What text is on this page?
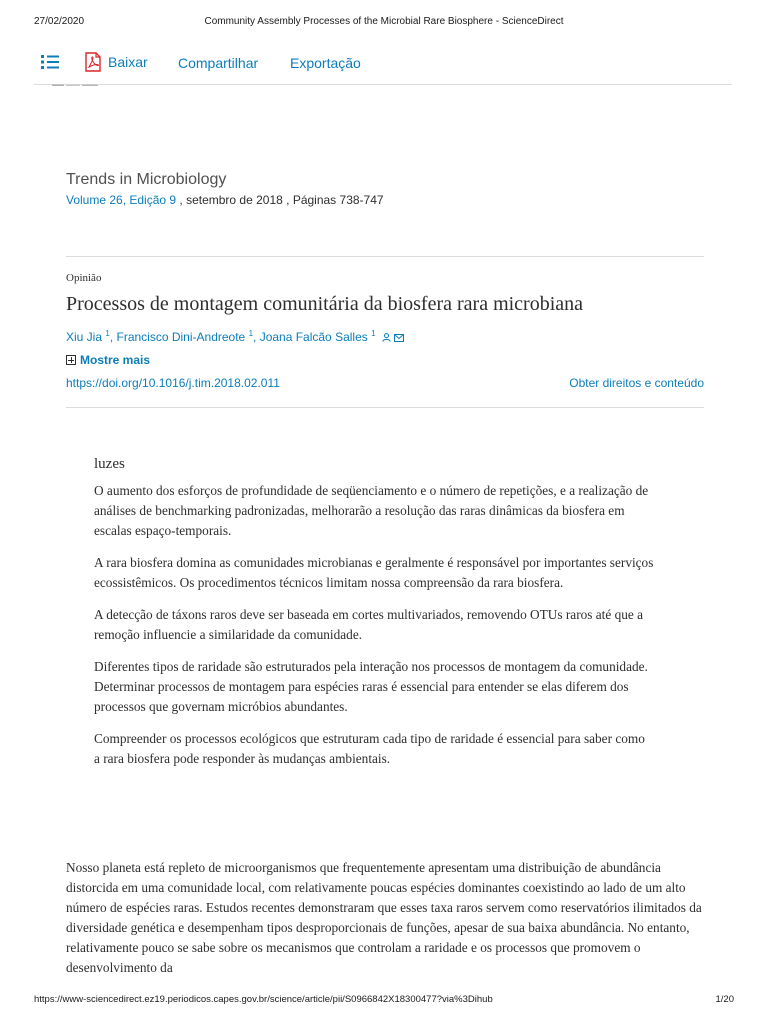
27/02/2020	Community Assembly Processes of the Microbial Rare Biosphere - ScienceDirect
Baixar Compartilhar Exportação
Trends in Microbiology
Volume 26, Edição 9 , setembro de 2018 , Páginas 738-747
Opinião
Processos de montagem comunitária da biosfera rara microbiana
Xiu Jia $^1$, Francisco Dini-Andreote $^1$, Joana Falcão Salles $^1$
Mostre mais
https://doi.org/10.1016/j.tim.2018.02.011	Obter direitos e conteúdo
luzes

O aumento dos esforços de profundidade de seqüenciamento e o número de repetições, e a realização de análises de benchmarking padronizadas, melhorarão a resolução das raras dinâmicas da biosfera em escalas espaço-temporais.

A rara biosfera domina as comunidades microbianas e geralmente é responsável por importantes serviços ecossistêmicos. Os procedimentos técnicos limitam nossa compreensão da rara biosfera.

A detecção de táxons raros deve ser baseada em cortes multivariados, removendo OTUs raros até que a remoção influencie a similaridade da comunidade.

Diferentes tipos de raridade são estruturados pela interação nos processos de montagem da comunidade. Determinar processos de montagem para espécies raras é essencial para entender se elas diferem dos processos que governam micróbios abundantes.

Compreender os processos ecológicos que estruturam cada tipo de raridade é essencial para saber como a rara biosfera pode responder às mudanças ambientais.

Nosso planeta está repleto de microorganismos que frequentemente apresentam uma distribuição de abundância distorcida em uma comunidade local, com relativamente poucas espécies dominantes coexistindo ao lado de um alto número de espécies raras. Estudos recentes demonstraram que esses taxa raros servem como reservatórios ilimitados da diversidade genética e desempenham tipos desproporcionais de funções, apesar de sua baixa abundância. No entanto, relativamente pouco se sabe sobre os mecanismos que controlam a raridade e os processos que promovem o desenvolvimento da

https://www-sciencedirect.ez19.periodicos.capes.gov.br/science/article/pii/S0966842X18300477?via%3Dihub	1/20
